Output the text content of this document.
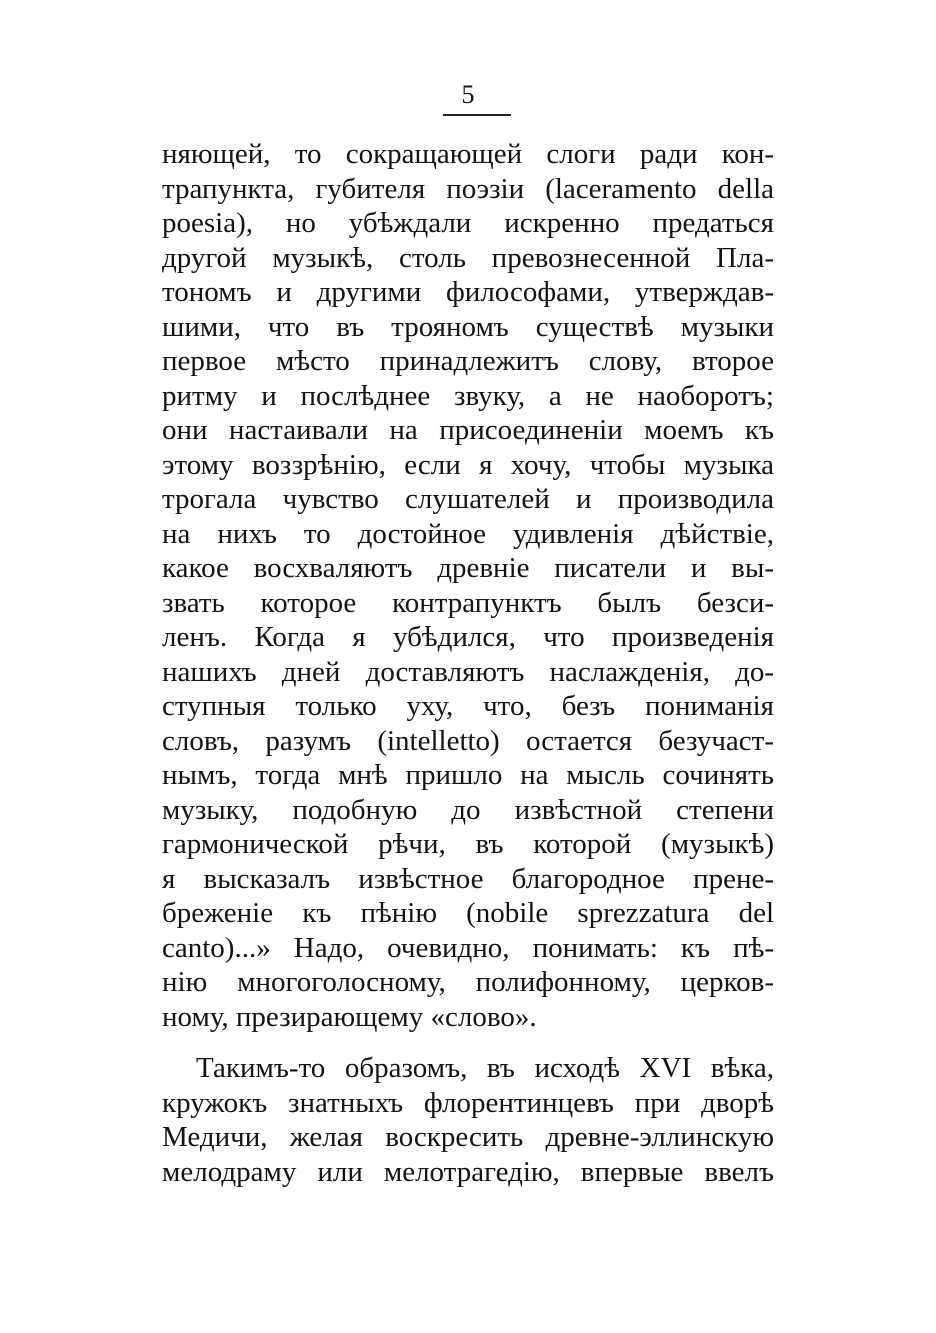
5
няющей, то сокращающей слоги ради кон-
трапункта, губителя поэзіи (laceramento della
poesia), но убѣждали искренно предаться
другой музыкѣ, столь превознесенной Пла-
тономъ и другими философами, утверждав-
шими, что въ трояномъ существѣ музыки
первое мѣсто принадлежитъ слову, второе
ритму и послѣднее звуку, а не наоборотъ;
они настаивали на присоединеніи моемъ къ
этому воззрѣнію, если я хочу, чтобы музыка
трогала чувство слушателей и производила
на нихъ то достойное удивленія дѣйствіе,
какое восхваляютъ древніе писатели и вы-
звать которое контрапунктъ былъ безси-
ленъ. Когда я убѣдился, что произведенія
нашихъ дней доставляютъ наслажденія, до-
ступныя только уху, что, безъ пониманія
словъ, разумъ (intelletto) остается безучаст-
нымъ, тогда мнѣ пришло на мысль сочинять
музыку, подобную до извѣстной степени
гармонической рѣчи, въ которой (музыкѣ)
я высказалъ извѣстное благородное прене-
бреженіе къ пѣнію (nobile sprezzatura del
canto)...» Надо, очевидно, понимать: къ пѣ-
нію многоголосному, полифонному, церков-
ному, презирающему «слово».
Такимъ-то образомъ, въ исходѣ XVI вѣка,
кружокъ знатныхъ флорентинцевъ при дворѣ
Медичи, желая воскресить древне-эллинскую
мелодраму или мелотрагедію, впервые ввелъ
